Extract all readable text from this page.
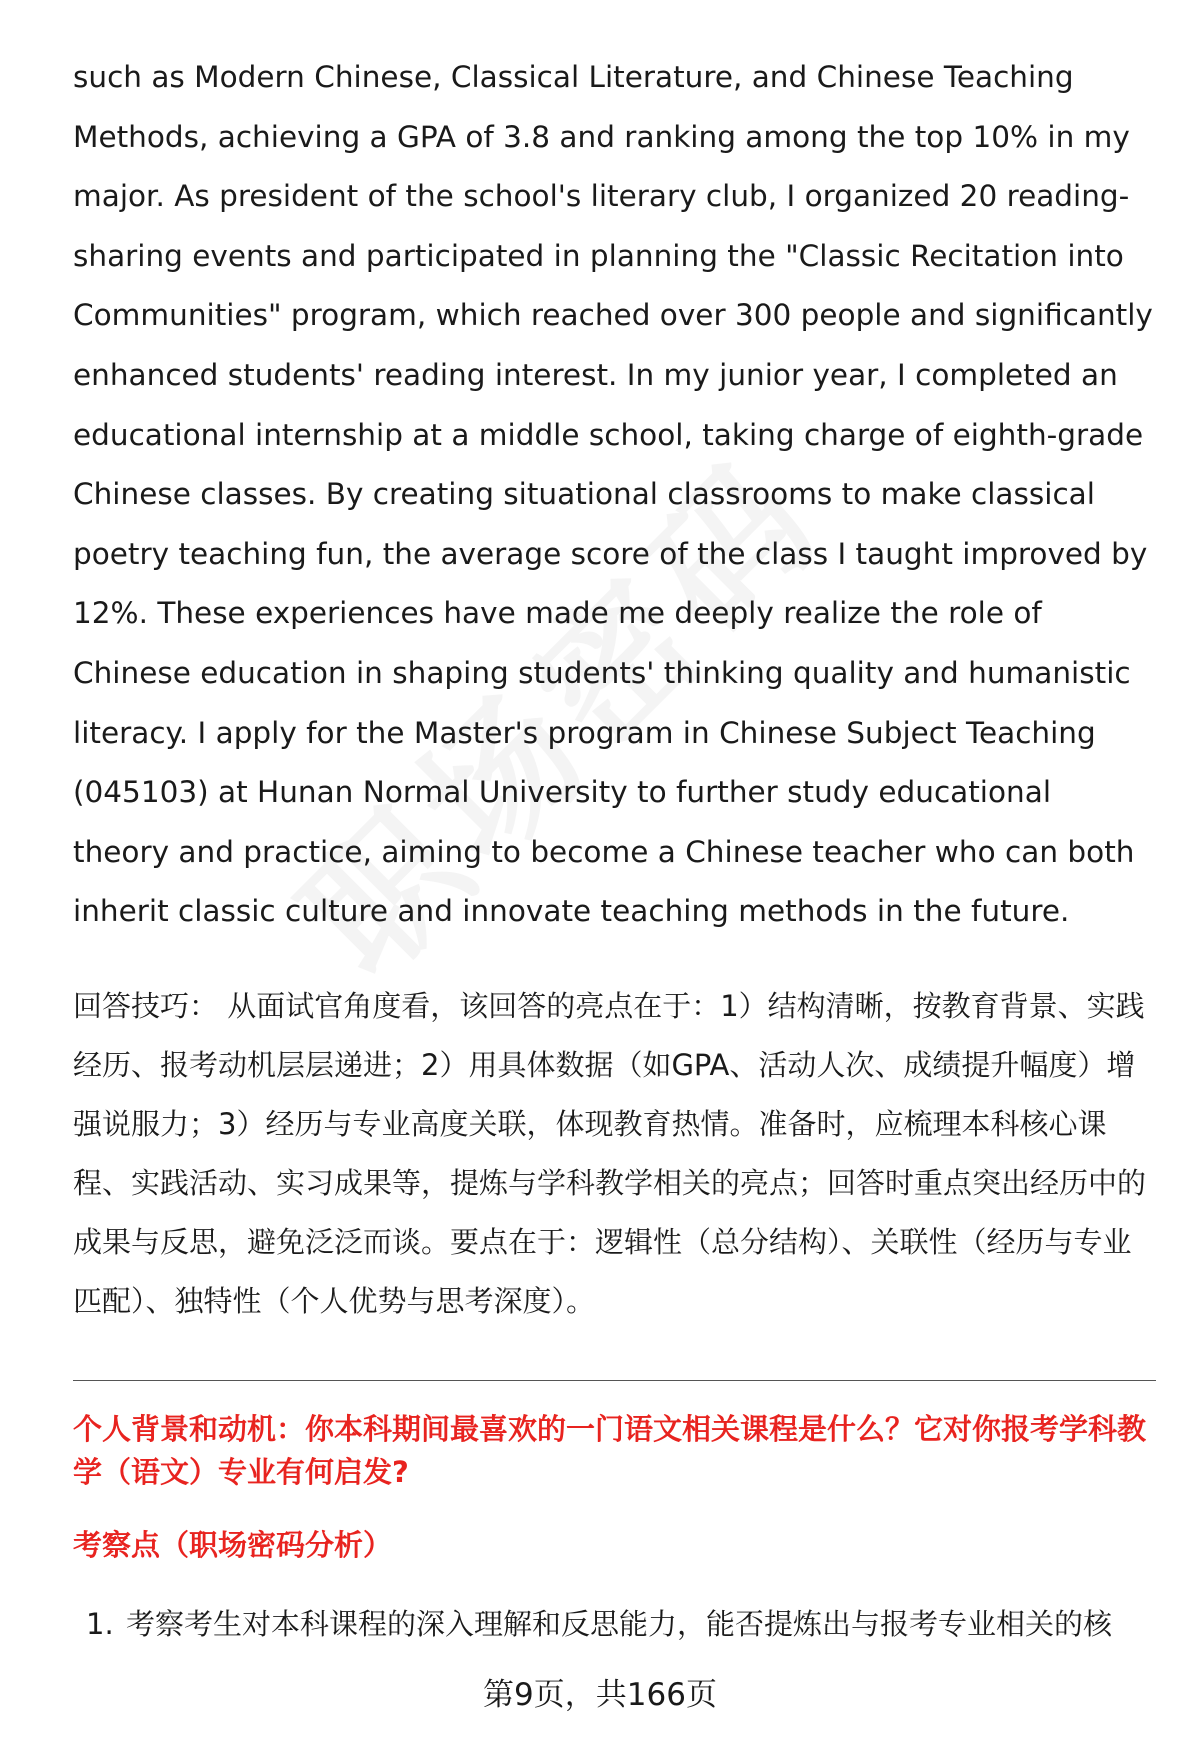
such as Modern Chinese, Classical Literature, and Chinese Teaching Methods, achieving a GPA of 3.8 and ranking among the top 10% in my major. As president of the school's literary club, I organized 20 reading-sharing events and participated in planning the "Classic Recitation into Communities" program, which reached over 300 people and significantly enhanced students' reading interest. In my junior year, I completed an educational internship at a middle school, taking charge of eighth-grade Chinese classes. By creating situational classrooms to make classical poetry teaching fun, the average score of the class I taught improved by 12%. These experiences have made me deeply realize the role of Chinese education in shaping students' thinking quality and humanistic literacy. I apply for the Master's program in Chinese Subject Teaching (045103) at Hunan Normal University to further study educational theory and practice, aiming to become a Chinese teacher who can both inherit classic culture and innovate teaching methods in the future.

回答技巧： 从面试官角度看，该回答的亮点在于：1）结构清晰，按教育背景、实践经历、报考动机层层递进；2）用具体数据（如GPA、活动人次、成绩提升幅度）增强说服力；3）经历与专业高度关联，体现教育热情。准备时，应梳理本科核心课程、实践活动、实习成果等，提炼与学科教学相关的亮点；回答时重点突出经历中的成果与反思，避免泛泛而谈。要点在于：逻辑性（总分结构）、关联性（经历与专业匹配）、独特性（个人优势与思考深度）。

个人背景和动机：你本科期间最喜欢的一门语文相关课程是什么？它对你报考学科教学（语文）专业有何启发?

考察点（职场密码分析）

1. 考察考生对本科课程的深入理解和反思能力，能否提炼出与报考专业相关的核

第9页，共166页
